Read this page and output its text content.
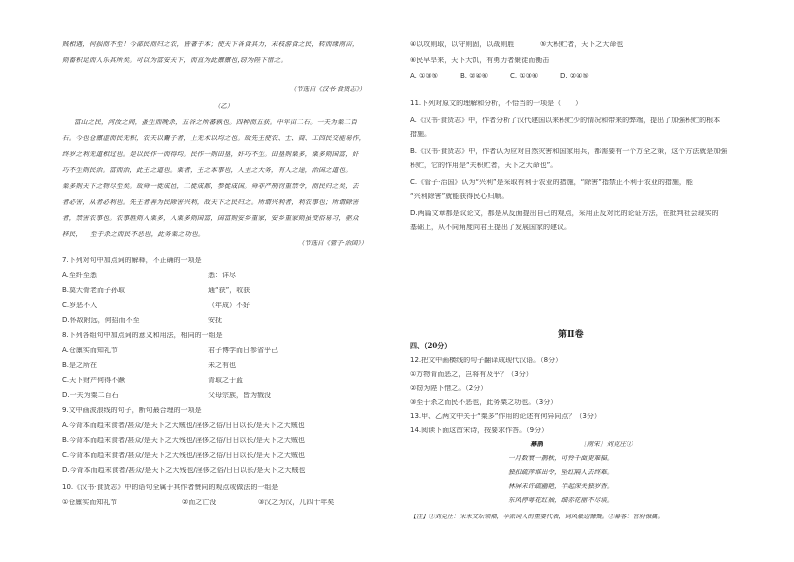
贱相遇，何损而不至！今部民而归之农，皆著于本；使天下各食其力，末枝游食之民，转而缘南亩，
则畜积足而人乐其所矣。可以为富安天下，而直为此廪廪也，
窃为陛下惜之。
（节选自《汉书·食货志》）
（乙）
富山之民，河汝之间，蚤生而晚杀，五谷之所蕃孰也。四种而五获。中年亩二石。一夫为粟二百
石。今也仓廪虚而民无积，农夫以鬻子者，上无术以均之也。故先王使农、士、商、工四民交能易作，
终岁之利无道相过也。是以民作一而得均。民作一则田垦，奸巧不生。田垦则粟多，粟多则国富，奸
巧不生则民治。富而治，此王之道也。粟者，王之本事也，人主之大务，有人之途，治国之道也。
粟多则天下之物尽至矣。故舜一徙成邑，二徙成都，参徙成国。舜非严刑罚重禁令，而民归之矣，去
者必害，从者必利也。先王者善为民除害兴利，故天下之民归之。所谓兴利者，利农事也；所谓除害
者，禁害农事也。农事胜则入粟多，入粟多则国富，国富则安乡重家，安乡重家则虽变俗易习，驱众
移民， 至于杀之而民不恶也，此务粟之功也。
（节选自《管子·治国》）
7.下列对句中加点词的解释，不正确的一项是
A.至纤至悉	悉：详尽
B.莫大骨老而子孙取	通“获”，收获
C.岁恶不入	（年成）不好
D.怀敌附远，何招而不至	安抚
8.下列各组句中加点词的意义和用法，相同的一组是
A.仓廪实而知礼节	君子博学而日参省乎己
B.是之所在	未之有也
C.天下财产何得不蹶	青取之于蓝
D.一夫为粟二百石	父母宗族，皆为戮没
9.文中画波浪线的句子，断句最合理的一项是
A.今背本而趋末食者/甚众/是天下之大贼也/淫侈之俗/日日以长/是天下之大贼也
B.今背本而趋末食者/甚众/是天下之大残也/淫侈之俗/日日以长/是天下之大贼也
C.今背本而趋末食者/甚众/是天下之大残也/淫侈之俗/日日以长/是天下之大贼也
D.今背本而趋末食者/甚众/是天下之大残也/淫侈之俗/日日以长/是天下之大贼也
10.《汉书·食货志》中的语句全属于其作者赞同的观点或做法的一组是
①仓廪实而知礼节	②而之亡没	③汉之为汉，几四十年矣
④以攻则取，以守则固，以战则胜	⑤大积贮者，天下之大命也
⑥民早旱来，天下大饥，有勇力者聚徒而衡击
A. ①③⑤	B. ②④⑥	C. ①③⑥	D. ②④⑤
11.下列对原文的理解和分析，不恰当的一项是（　　）
A.《汉书·食货志》中，作者分析了汉代建国以来积贮少的情况和带来的弊端，提出了加强积贮的根本
措施。
B.《汉书·食货志》中，作者认为应对自然灾害和国家用兵，都需要有一个万全之策，这个方法就是加强
积贮，它的作用是“夫积贮者，天下之大命也”。
C.《管子·治国》认为“兴利”是采取有利于农业的措施，“除害”指禁止不利于农业的措施，能
“兴利除害”就能获得民心归顺。
D.两篇文章都是议论文，都是从反面提出自己的观点，采用正反对比的论证方法，在批判社会现实的
基础上，从不同角度向君王提出了发展国家的建议。
第Ⅱ卷
四、（20分）
12.把文中画横线的句子翻译成现代汉语。（8分）
①万物肯而恶之，岂将有及乎？（3分）
②窃为陛下惜之。（2分）
③至于杀之而民不恶也，此务粟之功也。（3分）
13.甲、乙两文中关于“粟多”作用的论述有何异同点？（3分）
14.阅读下面这首宋诗，按要求作答。（9分）
幕鹊	［南宋］刘克庄①
一月数衰一鹊秋，可怜千面更难描。
独扣疏萍谁出令，坠红隔人去终难。
林屏未许疏幽艳，半起深关独岁香。
东风停萼花红袖，细赤花丽不尽谈。
【注】①刘克庄：宋末文坛领袖，辛派词人的重要代表，词风豪迈慷慨。②幕客：官府僚属。
